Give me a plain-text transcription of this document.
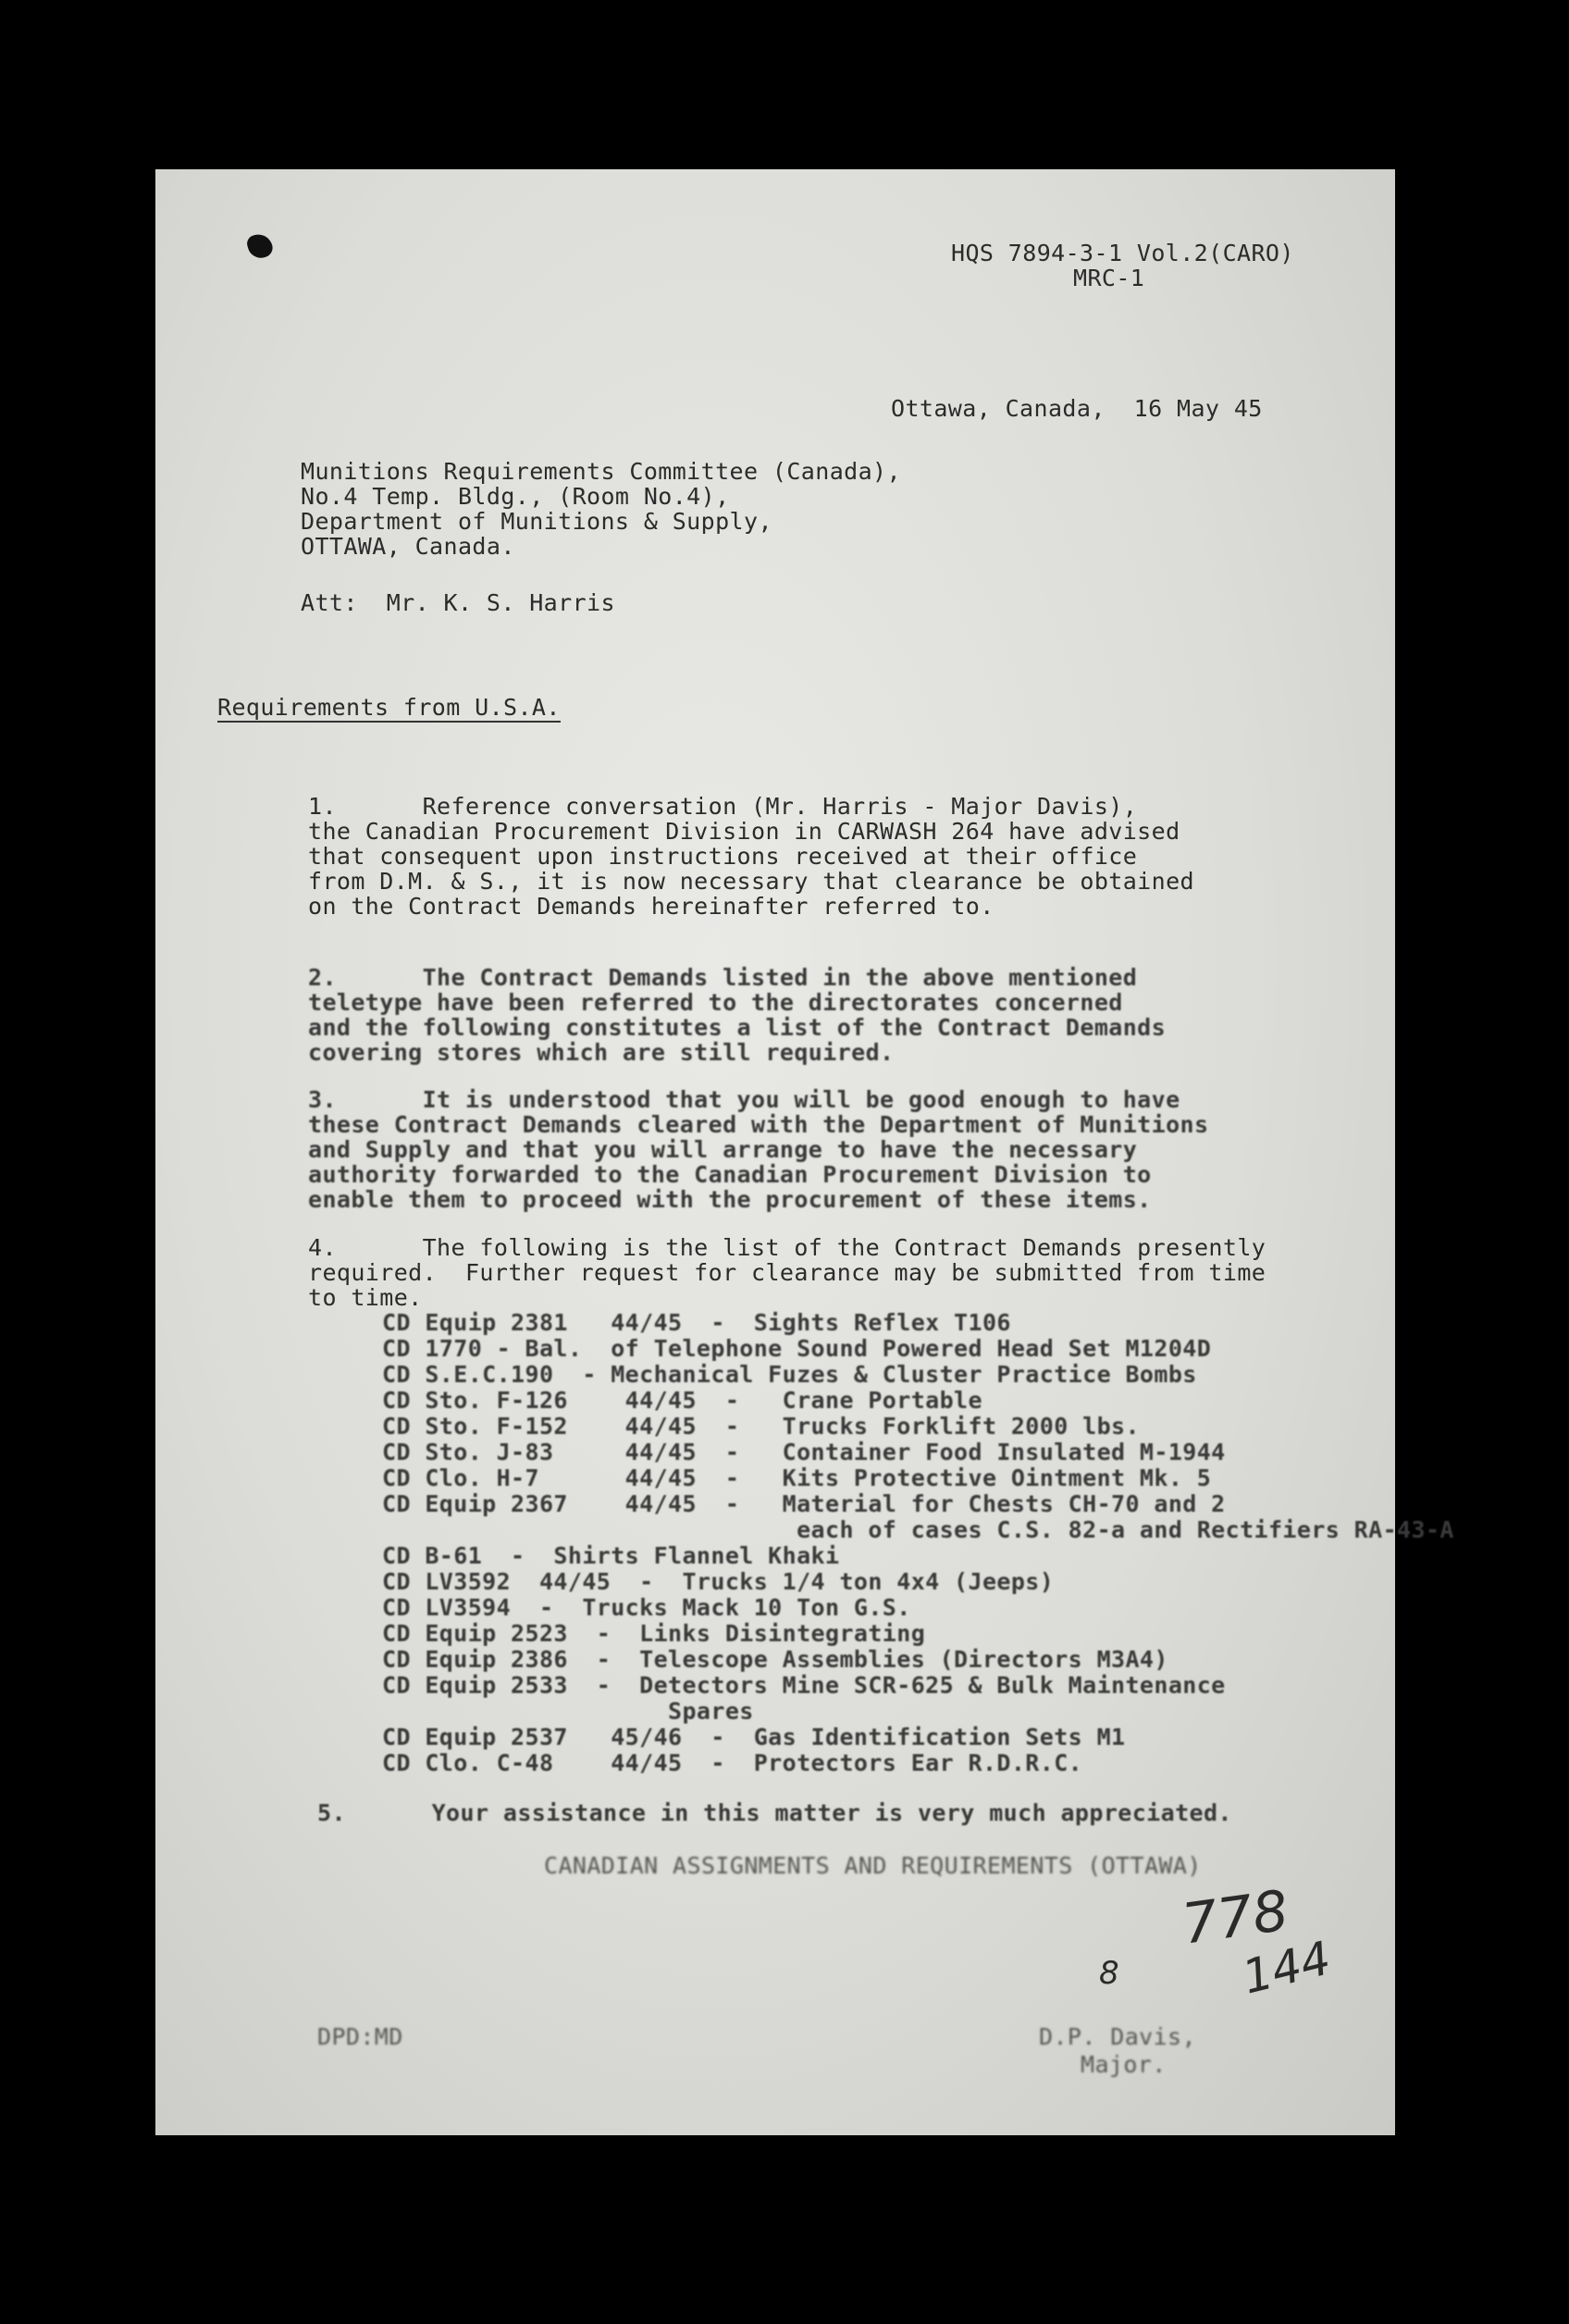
HQS 7894-3-1 Vol.2(CARO)
MRC-1
Ottawa, Canada,  16 May 45
Munitions Requirements Committee (Canada),
No.4 Temp. Bldg., (Room No.4),
Department of Munitions & Supply,
OTTAWA, Canada.
Att:  Mr. K. S. Harris
Requirements from U.S.A.
1.      Reference conversation (Mr. Harris - Major Davis),
the Canadian Procurement Division in CARWASH 264 have advised
that consequent upon instructions received at their office
from D.M. & S., it is now necessary that clearance be obtained
on the Contract Demands hereinafter referred to.
2.      The Contract Demands listed in the above mentioned
teletype have been referred to the directorates concerned
and the following constitutes a list of the Contract Demands
covering stores which are still required.
3.      It is understood that you will be good enough to have
these Contract Demands cleared with the Department of Munitions
and Supply and that you will arrange to have the necessary
authority forwarded to the Canadian Procurement Division to
enable them to proceed with the procurement of these items.
4.      The following is the list of the Contract Demands presently
required.  Further request for clearance may be submitted from time
to time.
CD Equip 2381   44/45  -  Sights Reflex T106
CD 1770 - Bal.  of Telephone Sound Powered Head Set M1204D
CD S.E.C.190  - Mechanical Fuzes & Cluster Practice Bombs
CD Sto. F-126    44/45  -   Crane Portable
CD Sto. F-152    44/45  -   Trucks Forklift 2000 lbs.
CD Sto. J-83     44/45  -   Container Food Insulated M-1944
CD Clo. H-7      44/45  -   Kits Protective Ointment Mk. 5
CD Equip 2367    44/45  -   Material for Chests CH-70 and 2
each of cases C.S. 82-a and Rectifiers RA-43-A
CD B-61  -  Shirts Flannel Khaki
CD LV3592  44/45  -  Trucks 1/4 ton 4x4 (Jeeps)
CD LV3594  -  Trucks Mack 10 Ton G.S.
CD Equip 2523  -  Links Disintegrating
CD Equip 2386  -  Telescope Assemblies (Directors M3A4)
CD Equip 2533  -  Detectors Mine SCR-625 & Bulk Maintenance
Spares
CD Equip 2537   45/46  -  Gas Identification Sets M1
CD Clo. C-48    44/45  -  Protectors Ear R.D.R.C.
5.      Your assistance in this matter is very much appreciated.
CANADIAN ASSIGNMENTS AND REQUIREMENTS (OTTAWA)
778
144
8
DPD:MD	D.P. Davis,
Major.
